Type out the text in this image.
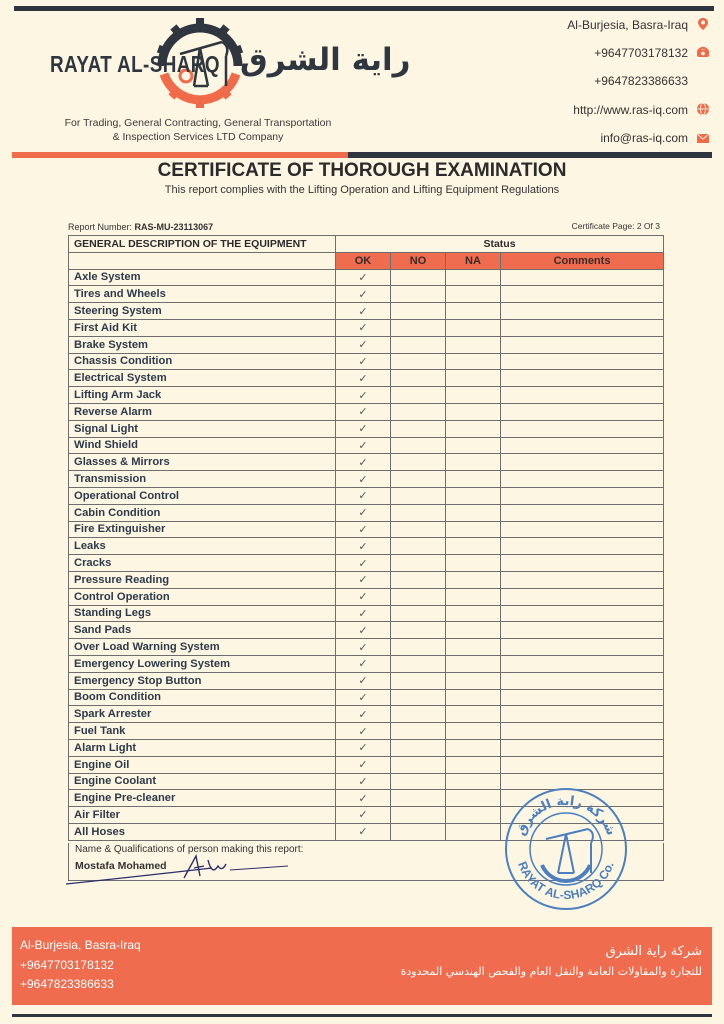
RAYAT AL-SHARQ راية الشرق
For Trading, General Contracting, General Transportation
& Inspection Services LTD Company
Al-Burjesia, Basra-Iraq
+9647703178132
+9647823386633
http://www.ras-iq.com
info@ras-iq.com
CERTIFICATE OF THOROUGH EXAMINATION
This report complies with the Lifting Operation and Lifting Equipment Regulations
Report Number: RAS-MU-23113067	Certificate Page: 2 Of 3
GENERAL DESCRIPTION OF THE EQUIPMENT	Status			
	OK	NO	NA	Comments
Axle System	✓			
Tires and Wheels	✓			
Steering System	✓			
First Aid Kit	✓			
Brake System	✓			
Chassis Condition	✓			
Electrical System	✓			
Lifting Arm Jack	✓			
Reverse Alarm	✓			
Signal Light	✓			
Wind Shield	✓			
Glasses & Mirrors	✓			
Transmission	✓			
Operational Control	✓			
Cabin Condition	✓			
Fire Extinguisher	✓			
Leaks	✓			
Cracks	✓			
Pressure Reading	✓			
Control Operation	✓			
Standing Legs	✓			
Sand Pads	✓			
Over Load Warning System	✓			
Emergency Lowering System	✓			
Emergency Stop Button	✓			
Boom Condition	✓			
Spark Arrester	✓			
Fuel Tank	✓			
Alarm Light	✓			
Engine Oil	✓			
Engine Coolant	✓			
Engine Pre-cleaner	✓			
Air Filter	✓			
All Hoses	✓			
Name & Qualifications of person making this report:
Mostafa Mohamed
شركة راية الشرق
RAYAT AL-SHARQ Co.
Al-Burjesia, Basra-Iraq
+9647703178132
+9647823386633
شركة راية الشرق
للتجارة والمقاولات العامة والنقل العام والفحص الهندسي المحدودة
